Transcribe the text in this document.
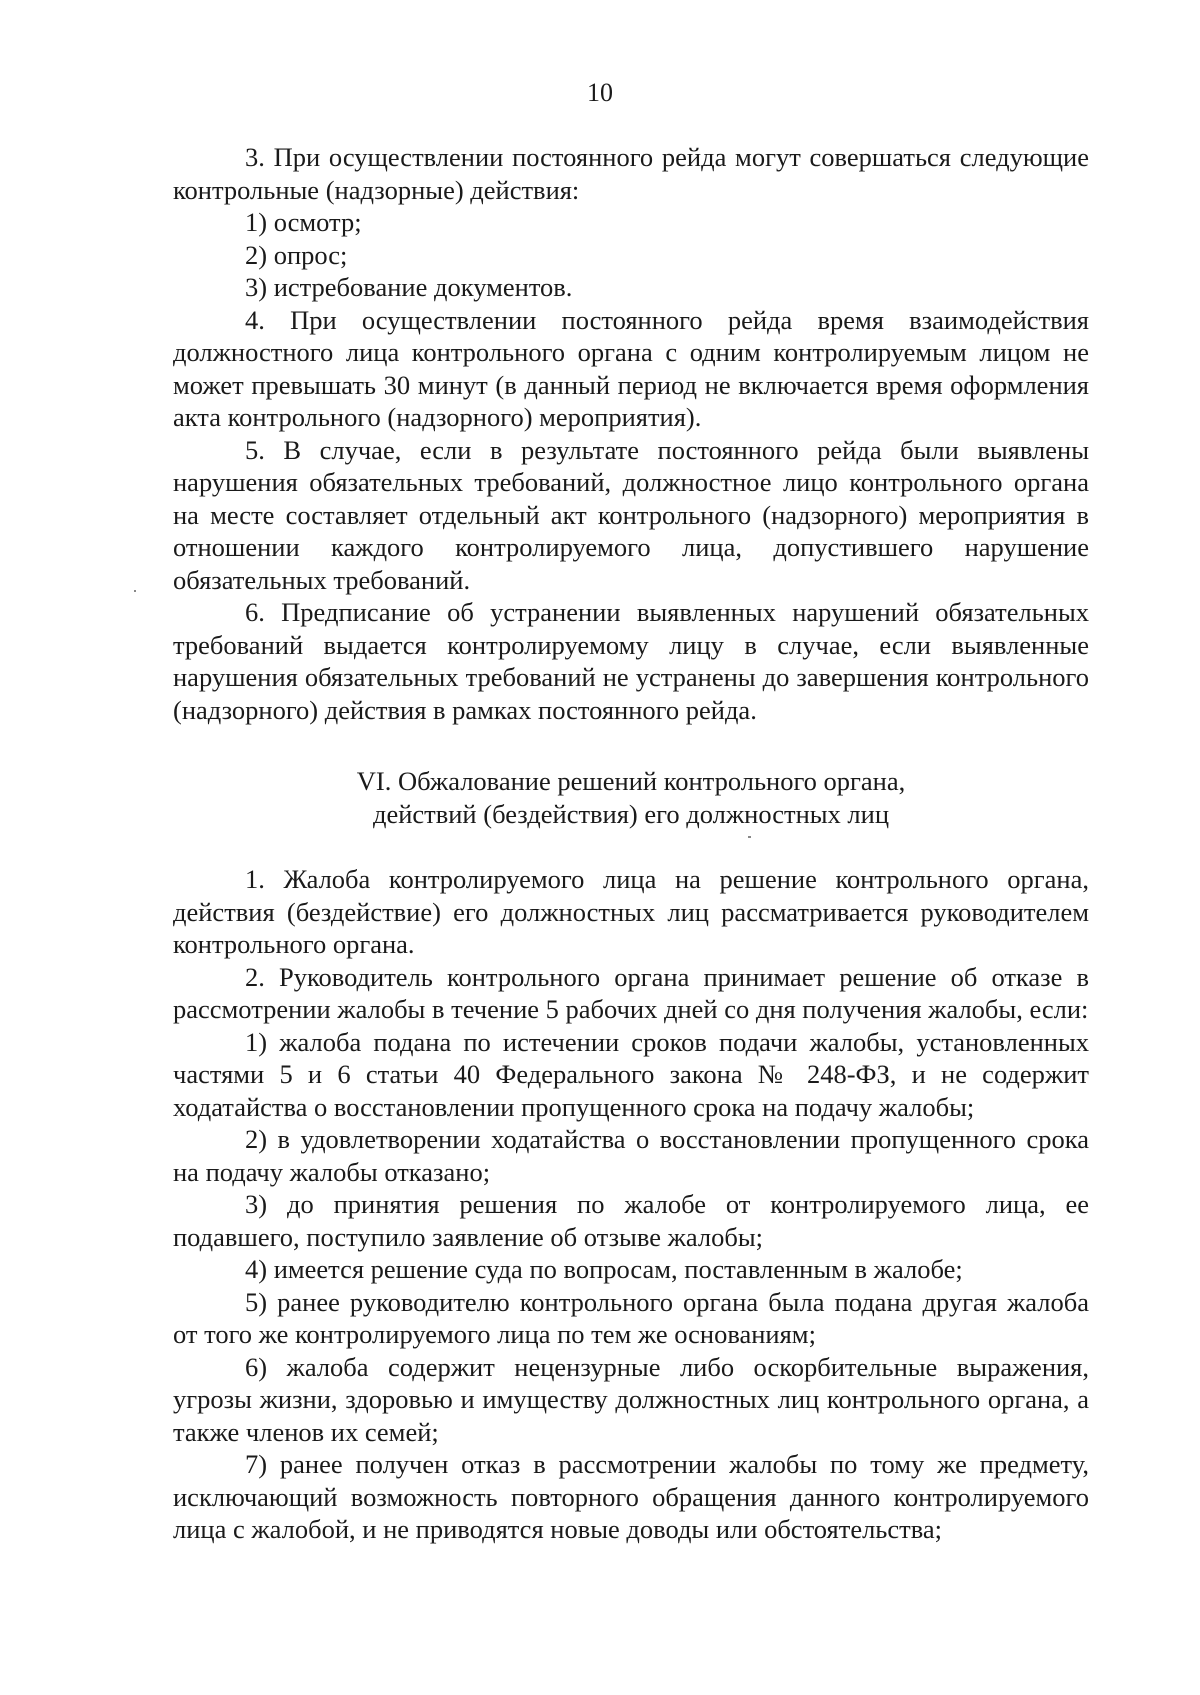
10

3. При осуществлении постоянного рейда могут совершаться следующие контрольные (надзорные) действия:

1) осмотр;

2) опрос;

3) истребование документов.

4. При осуществлении постоянного рейда время взаимодействия должностного лица контрольного органа с одним контролируемым лицом не может превышать 30 минут (в данный период не включается время оформления акта контрольного (надзорного) мероприятия).

5. В случае, если в результате постоянного рейда были выявлены нарушения обязательных требований, должностное лицо контрольного органа на месте составляет отдельный акт контрольного (надзорного) мероприятия в отношении каждого контролируемого лица, допустившего нарушение обязательных требований.

6. Предписание об устранении выявленных нарушений обязательных требований выдается контролируемому лицу в случае, если выявленные нарушения обязательных требований не устранены до завершения контрольного (надзорного) действия в рамках постоянного рейда.

VI. Обжалование решений контрольного органа,
действий (бездействия) его должностных лиц

1. Жалоба контролируемого лица на решение контрольного органа, действия (бездействие) его должностных лиц рассматривается руководителем контрольного органа.

2. Руководитель контрольного органа принимает решение об отказе в рассмотрении жалобы в течение 5 рабочих дней со дня получения жалобы, если:

1) жалоба подана по истечении сроков подачи жалобы, установленных частями 5 и 6 статьи 40 Федерального закона № 248-ФЗ, и не содержит ходатайства о восстановлении пропущенного срока на подачу жалобы;

2) в удовлетворении ходатайства о восстановлении пропущенного срока на подачу жалобы отказано;

3) до принятия решения по жалобе от контролируемого лица, ее подавшего, поступило заявление об отзыве жалобы;

4) имеется решение суда по вопросам, поставленным в жалобе;

5) ранее руководителю контрольного органа была подана другая жалоба от того же контролируемого лица по тем же основаниям;

6) жалоба содержит нецензурные либо оскорбительные выражения, угрозы жизни, здоровью и имуществу должностных лиц контрольного органа, а также членов их семей;

7) ранее получен отказ в рассмотрении жалобы по тому же предмету, исключающий возможность повторного обращения данного контролируемого лица с жалобой, и не приводятся новые доводы или обстоятельства;
